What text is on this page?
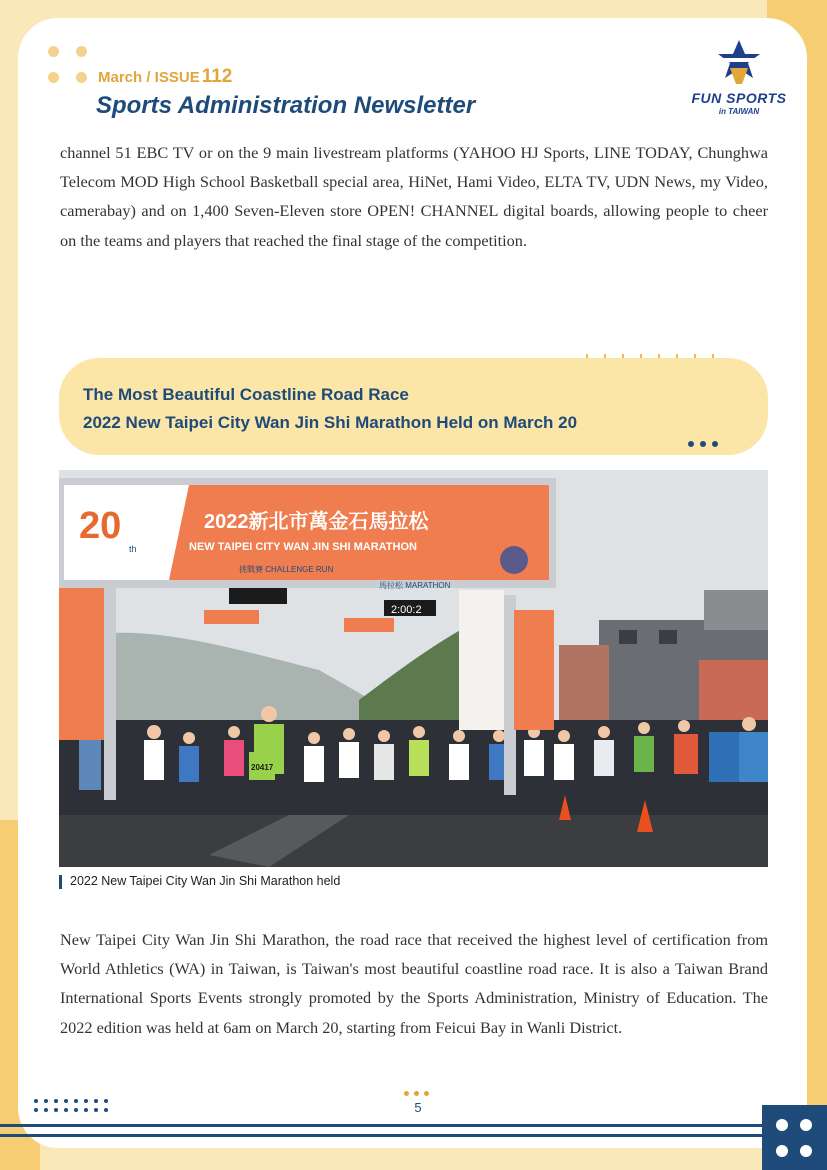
March / ISSUE 112
Sports Administration Newsletter	FUN SPORTS
in TAIWAN

channel 51 EBC TV or on the 9 main livestream platforms (YAHOO HJ Sports, LINE TODAY, Chunghwa Telecom MOD High School Basketball special area, HiNet, Hami Video, ELTA TV, UDN News, my Video, camerabay) and on 1,400 Seven-Eleven store OPEN! CHANNEL digital boards, allowing people to cheer on the teams and players that reached the final stage of the competition.

The Most Beautiful Coastline Road Race
2022 New Taipei City Wan Jin Shi Marathon Held on March 20
20
th
2022新北市萬金石馬拉松
NEW TAIPEI CITY WAN JIN SHI MARATHON
挑戰賽 CHALLENGE RUN
馬拉松 MARATHON
2:00:2
20417
2022 New Taipei City Wan Jin Shi Marathon held

New Taipei City Wan Jin Shi Marathon, the road race that received the highest level of certification from World Athletics (WA) in Taiwan, is Taiwan's most beautiful coastline road race. It is also a Taiwan Brand International Sports Events strongly promoted by the Sports Administration, Ministry of Education. The 2022 edition was held at 6am on March 20, starting from Feicui Bay in Wanli District.

5
